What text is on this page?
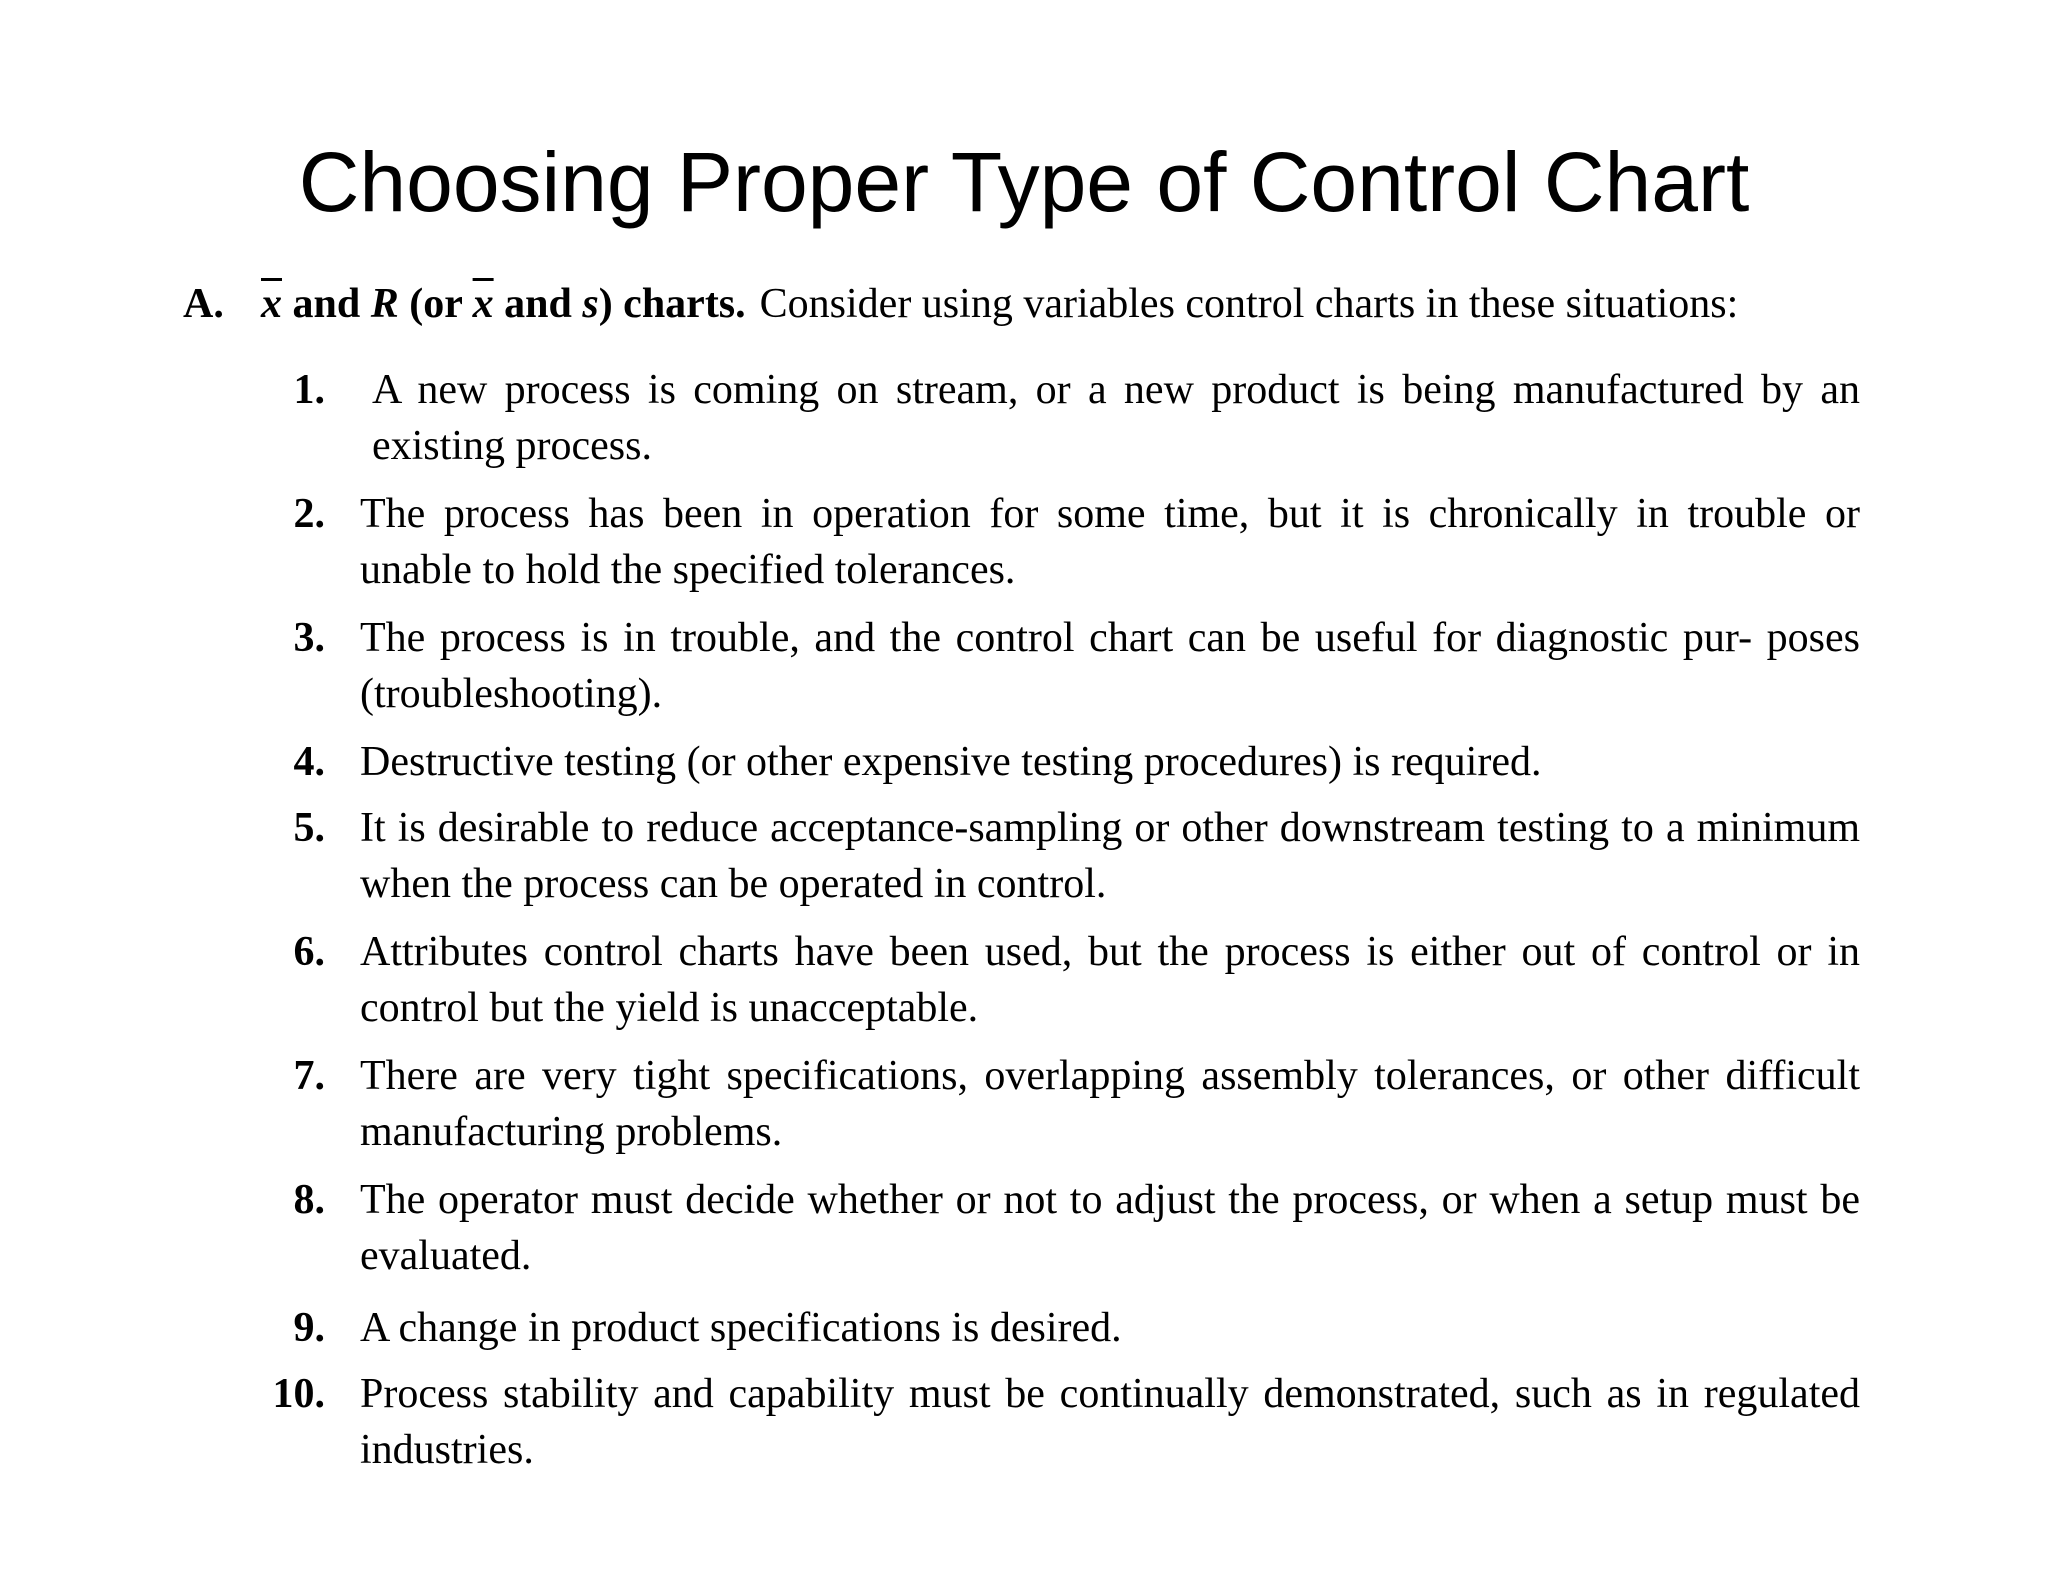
Choosing Proper Type of Control Chart
A. $\overline{x}$ and R (or $\overline{x}$ and s) charts. Consider using variables control charts in these situations:
1. A new process is coming on stream, or a new product is being manufactured by an existing process.
2. The process has been in operation for some time, but it is chronically in trouble or unable to hold the specified tolerances.
3. The process is in trouble, and the control chart can be useful for diagnostic pur- poses (troubleshooting).
4. Destructive testing (or other expensive testing procedures) is required.
5. It is desirable to reduce acceptance-sampling or other downstream testing to a minimum when the process can be operated in control.
6. Attributes control charts have been used, but the process is either out of control or in control but the yield is unacceptable.
7. There are very tight specifications, overlapping assembly tolerances, or other difficult manufacturing problems.
8. The operator must decide whether or not to adjust the process, or when a setup must be evaluated.
9. A change in product specifications is desired.
10. Process stability and capability must be continually demonstrated, such as in regulated industries.
